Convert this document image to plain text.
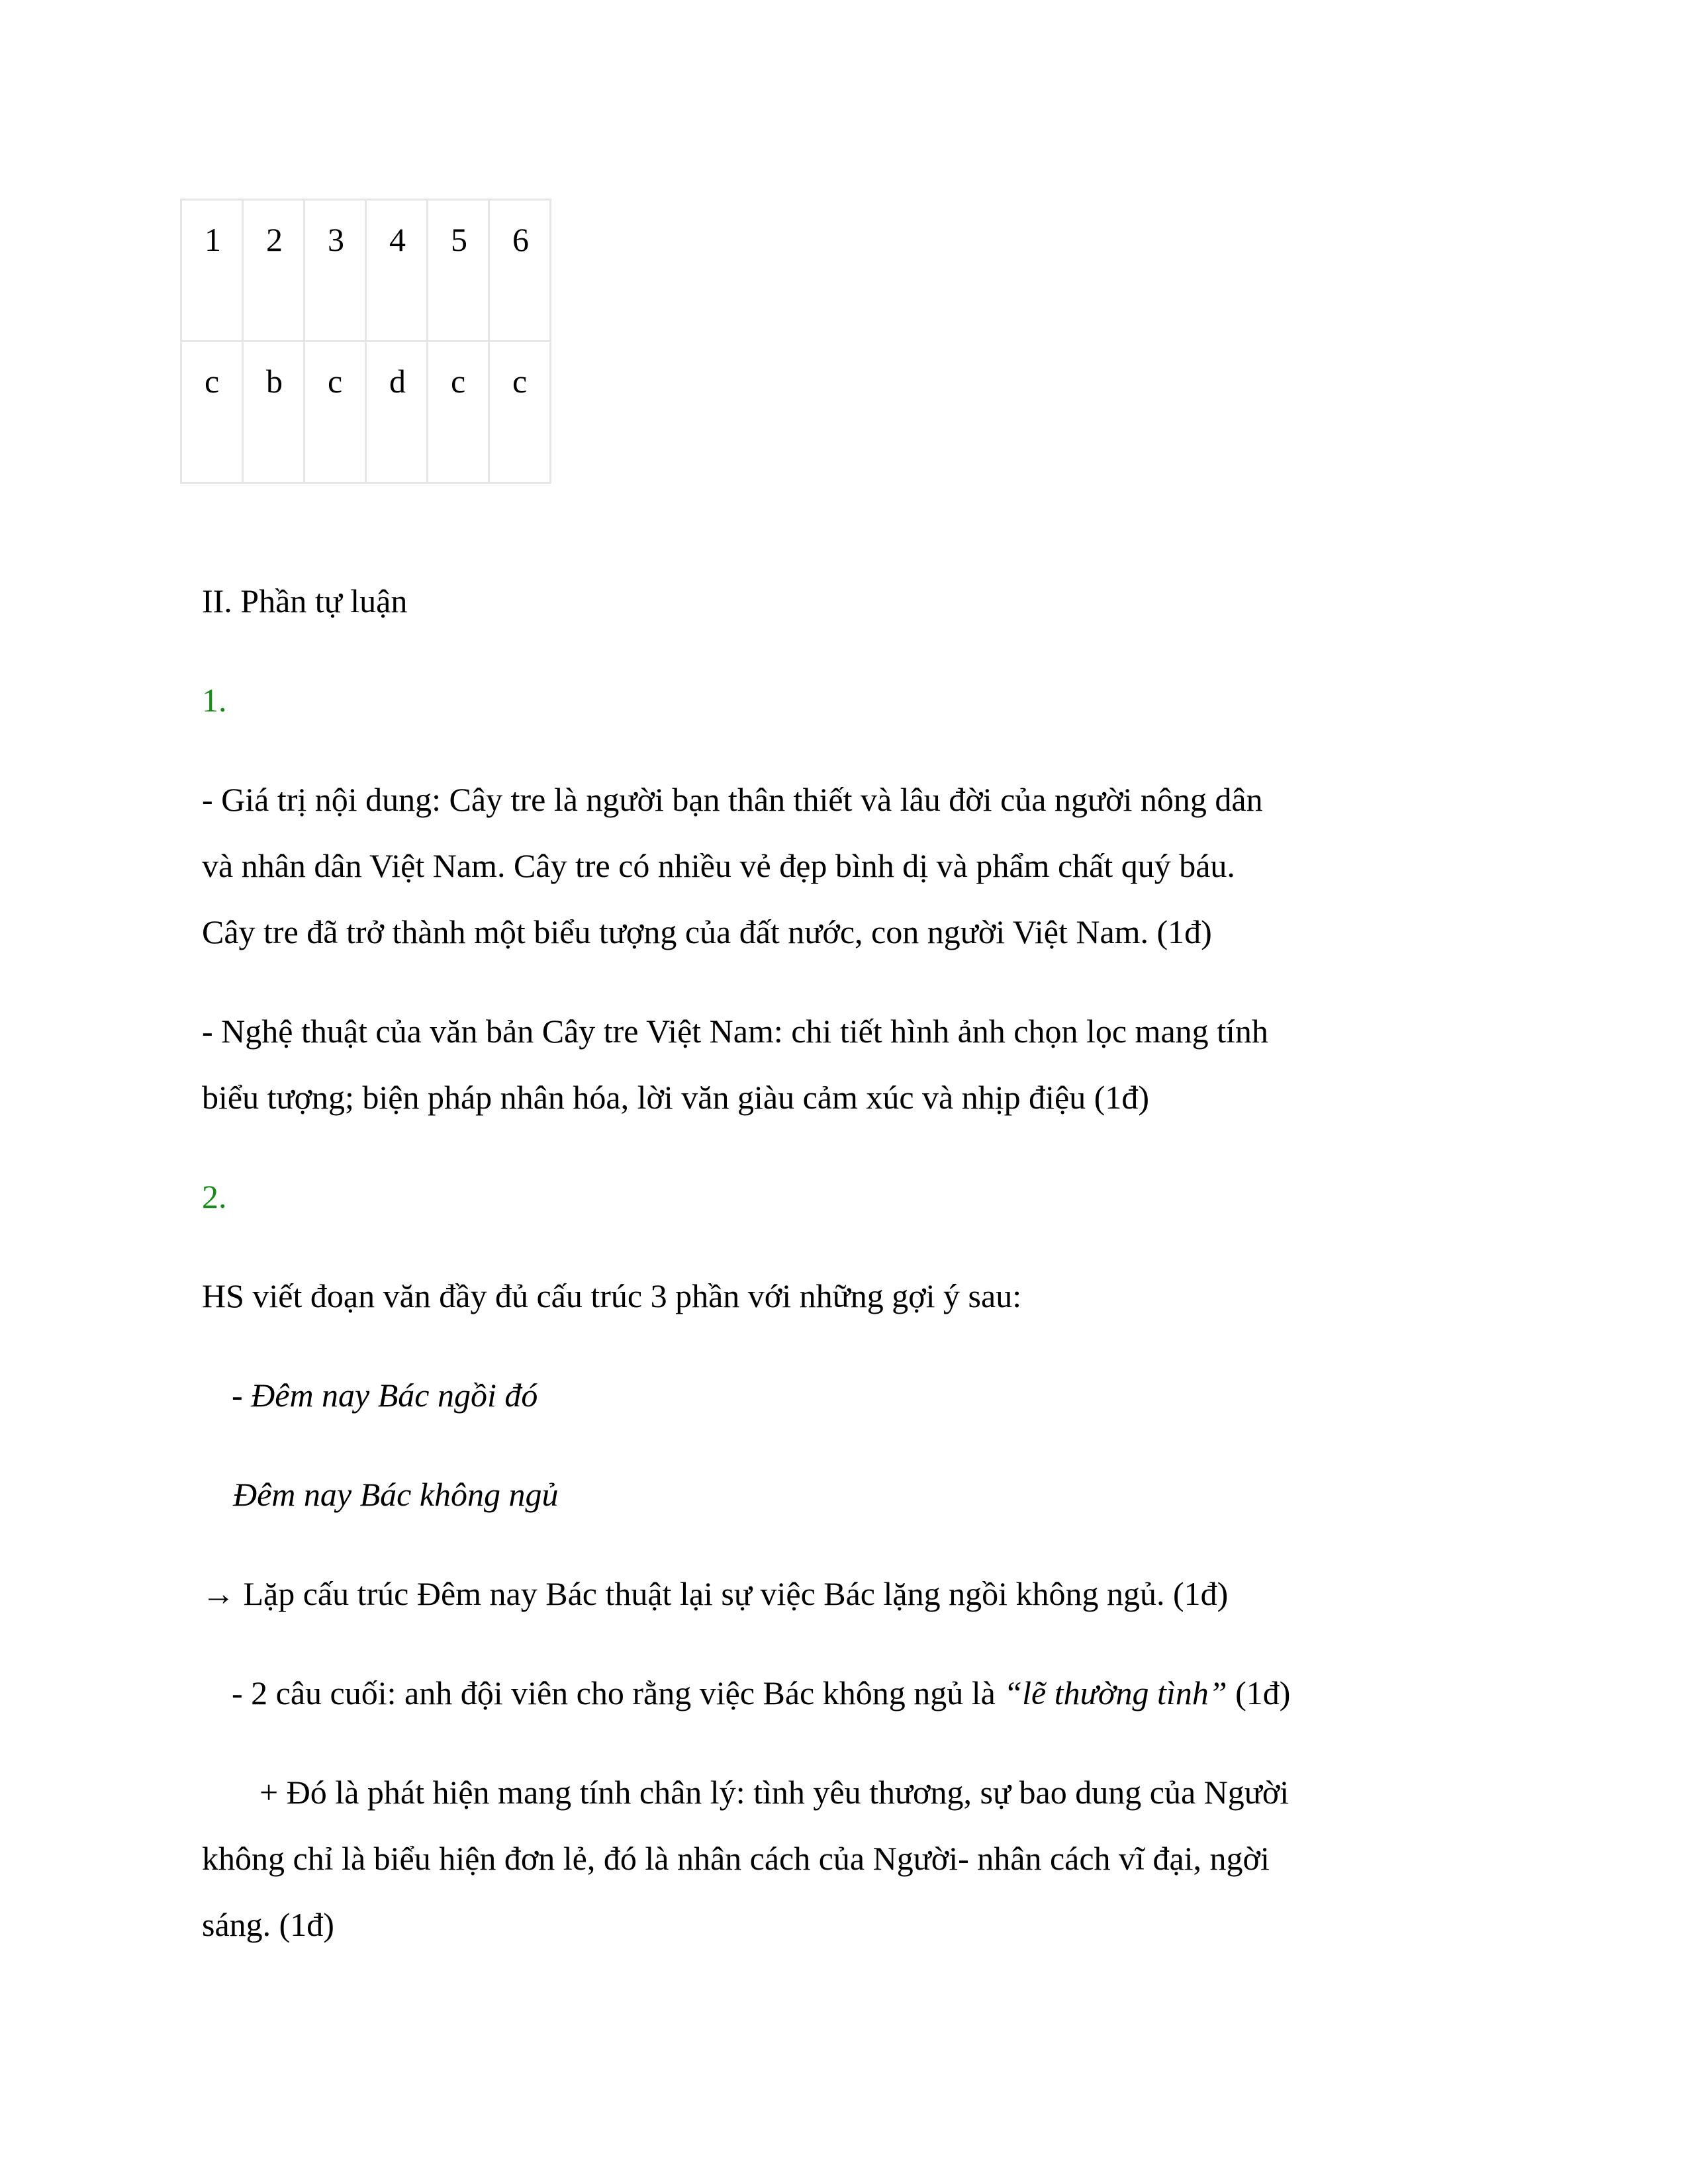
1	2	3	4	5	6
c	b	c	d	c	c

II. Phần tự luận

1.

- Giá trị nội dung: Cây tre là người bạn thân thiết và lâu đời của người nông dân

và nhân dân Việt Nam. Cây tre có nhiều vẻ đẹp bình dị và phẩm chất quý báu.

Cây tre đã trở thành một biểu tượng của đất nước, con người Việt Nam. (1đ)

- Nghệ thuật của văn bản Cây tre Việt Nam: chi tiết hình ảnh chọn lọc mang tính

biểu tượng; biện pháp nhân hóa, lời văn giàu cảm xúc và nhịp điệu (1đ)

2.

HS viết đoạn văn đầy đủ cấu trúc 3 phần với những gợi ý sau:

- Đêm nay Bác ngồi đó

Đêm nay Bác không ngủ

→ Lặp cấu trúc Đêm nay Bác thuật lại sự việc Bác lặng ngồi không ngủ. (1đ)

- 2 câu cuối: anh đội viên cho rằng việc Bác không ngủ là “lẽ thường tình” (1đ)

+ Đó là phát hiện mang tính chân lý: tình yêu thương, sự bao dung của Người

không chỉ là biểu hiện đơn lẻ, đó là nhân cách của Người- nhân cách vĩ đại, ngời

sáng. (1đ)
